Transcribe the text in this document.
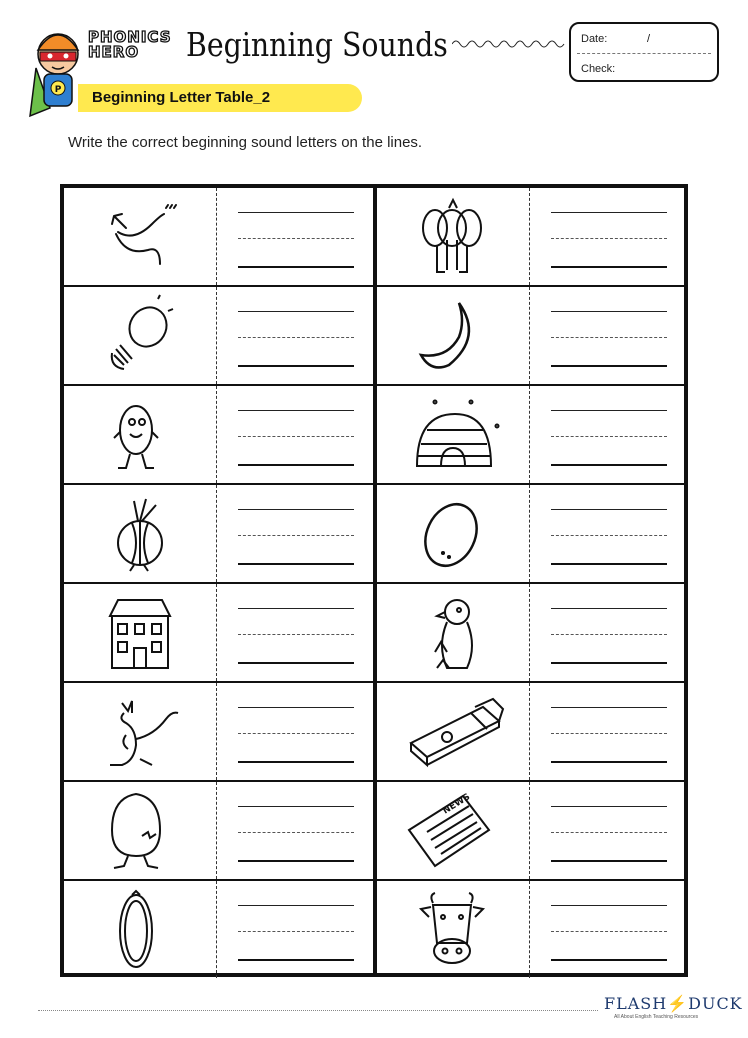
P
PHONICS
HERO	Beginning Sounds	Date:	/
Check:
Beginning Letter Table_2
Write the correct beginning sound letters on the lines.
NEWS
FLASH⚡DUCK
All About English Teaching Resources
